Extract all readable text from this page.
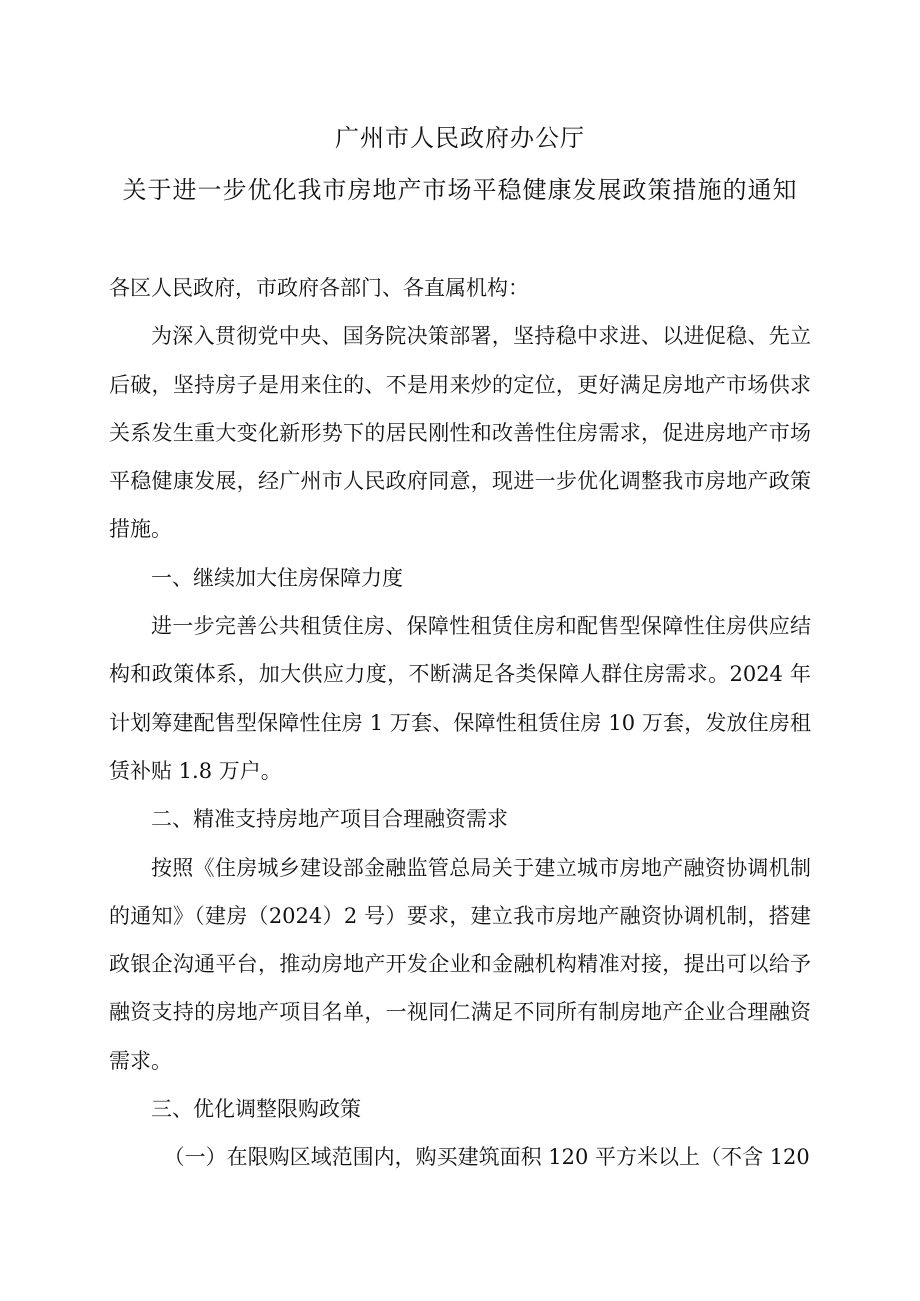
广州市人民政府办公厅
关于进一步优化我市房地产市场平稳健康发展政策措施的通知

各区人民政府，市政府各部门、各直属机构：

为深入贯彻党中央、国务院决策部署，坚持稳中求进、以进促稳、先立后破，坚持房子是用来住的、不是用来炒的定位，更好满足房地产市场供求关系发生重大变化新形势下的居民刚性和改善性住房需求，促进房地产市场平稳健康发展，经广州市人民政府同意，现进一步优化调整我市房地产政策措施。

一、继续加大住房保障力度

进一步完善公共租赁住房、保障性租赁住房和配售型保障性住房供应结构和政策体系，加大供应力度，不断满足各类保障人群住房需求。2024 年计划筹建配售型保障性住房 1 万套、保障性租赁住房 10 万套，发放住房租赁补贴 1.8 万户。

二、精准支持房地产项目合理融资需求

按照《住房城乡建设部金融监管总局关于建立城市房地产融资协调机制的通知》（建房（2024）2 号）要求，建立我市房地产融资协调机制，搭建政银企沟通平台，推动房地产开发企业和金融机构精准对接，提出可以给予融资支持的房地产项目名单，一视同仁满足不同所有制房地产企业合理融资需求。

三、优化调整限购政策

（一）在限购区域范围内，购买建筑面积 120 平方米以上（不含 120
